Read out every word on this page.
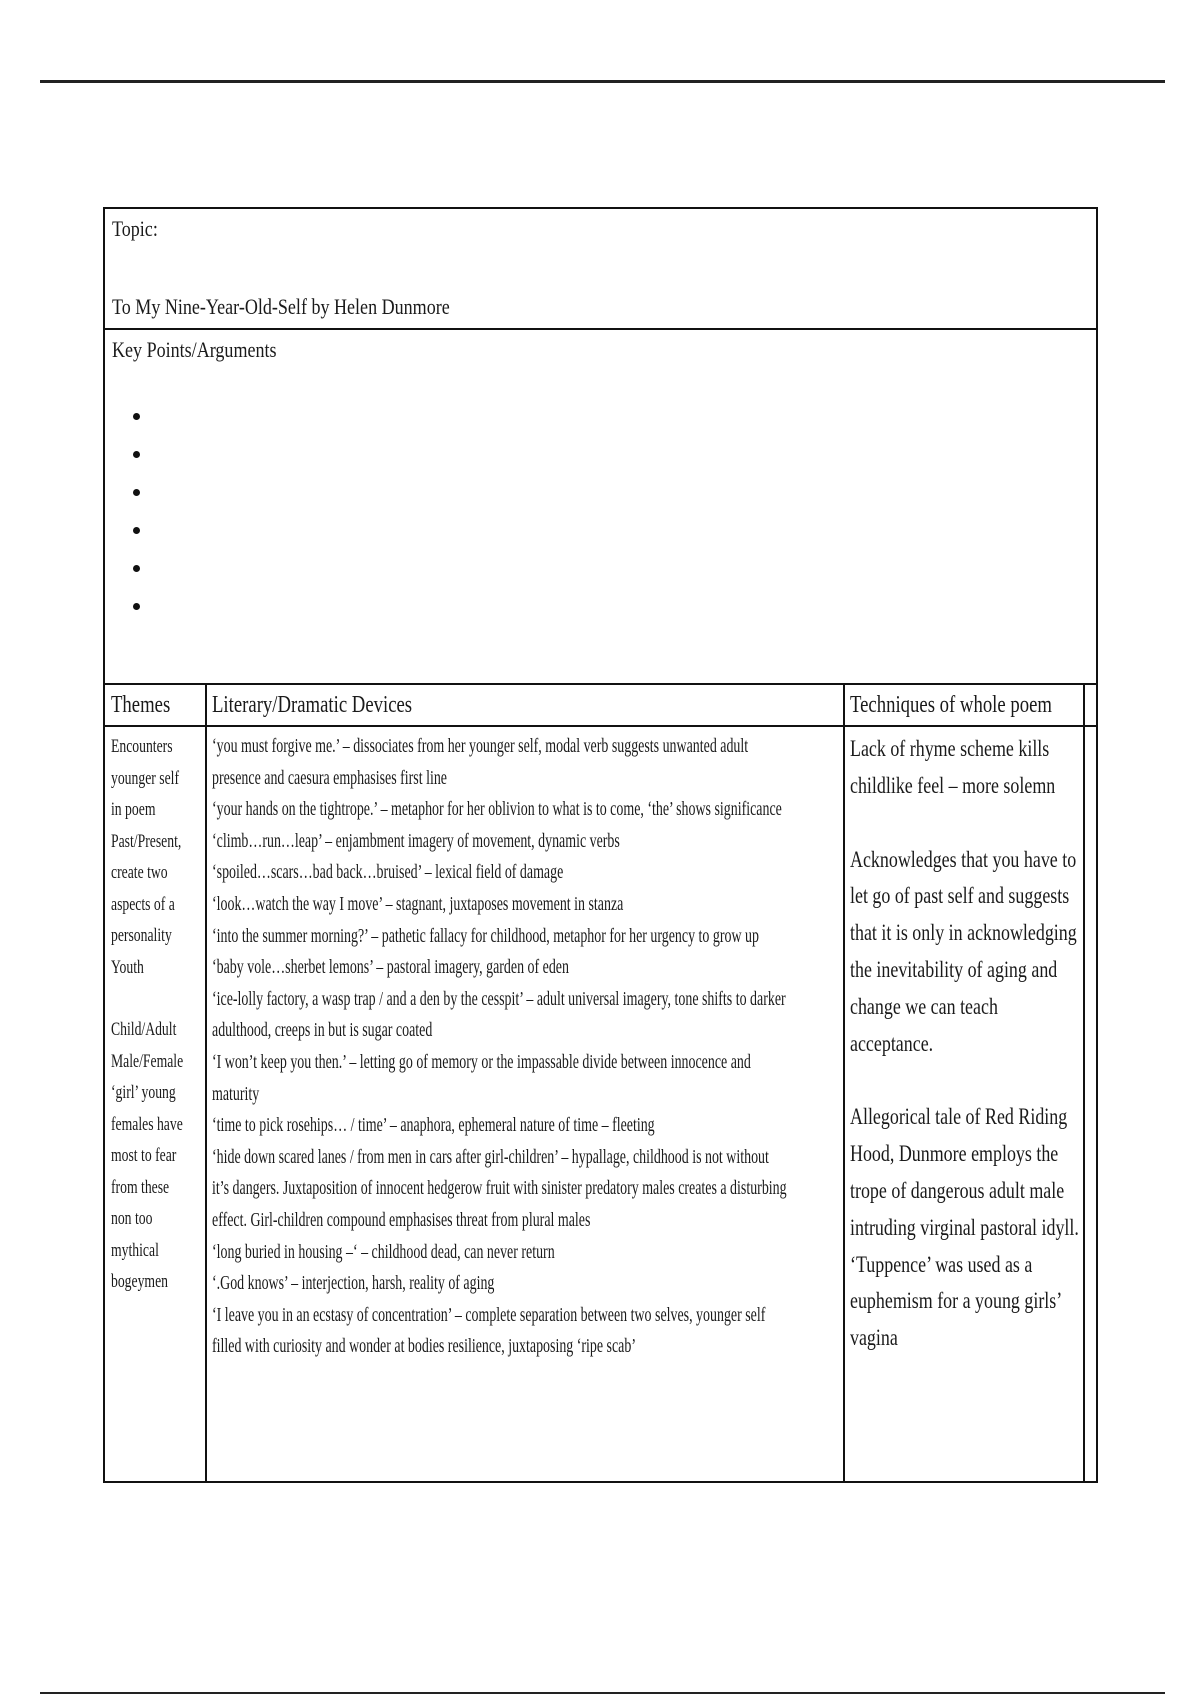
Topic:
To My Nine-Year-Old-Self by Helen Dunmore
Key Points/Arguments
Themes Literary/Dramatic Devices	Techniques of whole poem
Encounters
younger self
in poem
Past/Present,
create two
aspects of a
personality
Youth
Child/Adult
Male/Female
‘girl’ young
females have
most to fear
from these
non too
mythical
bogeymen
‘you must forgive me.’ – dissociates from her younger self, modal verb suggests unwanted adult
presence and caesura emphasises first line
‘your hands on the tightrope.’ – metaphor for her oblivion to what is to come, ‘the’ shows significance
‘climb…run…leap’ – enjambment imagery of movement, dynamic verbs
‘spoiled…scars…bad back…bruised’ – lexical field of damage
‘look…watch the way I move’ – stagnant, juxtaposes movement in stanza
‘into the summer morning?’ – pathetic fallacy for childhood, metaphor for her urgency to grow up
‘baby vole…sherbet lemons’ – pastoral imagery, garden of eden
‘ice-lolly factory, a wasp trap / and a den by the cesspit’ – adult universal imagery, tone shifts to darker
adulthood, creeps in but is sugar coated
‘I won’t keep you then.’ – letting go of memory or the impassable divide between innocence and
maturity
‘time to pick rosehips… / time’ – anaphora, ephemeral nature of time – fleeting
‘hide down scared lanes / from men in cars after girl-children’ – hypallage, childhood is not without
it’s dangers. Juxtaposition of innocent hedgerow fruit with sinister predatory males creates a disturbing
effect. Girl-children compound emphasises threat from plural males
‘long buried in housing –‘ – childhood dead, can never return
‘.God knows’ – interjection, harsh, reality of aging
‘I leave you in an ecstasy of concentration’ – complete separation between two selves, younger self
filled with curiosity and wonder at bodies resilience, juxtaposing ‘ripe scab’
Lack of rhyme scheme kills
childlike feel – more solemn
Acknowledges that you have to
let go of past self and suggests
that it is only in acknowledging
the inevitability of aging and
change we can teach
acceptance.
Allegorical tale of Red Riding
Hood, Dunmore employs the
trope of dangerous adult male
intruding virginal pastoral idyll.
‘Tuppence’ was used as a
euphemism for a young girls’
vagina
